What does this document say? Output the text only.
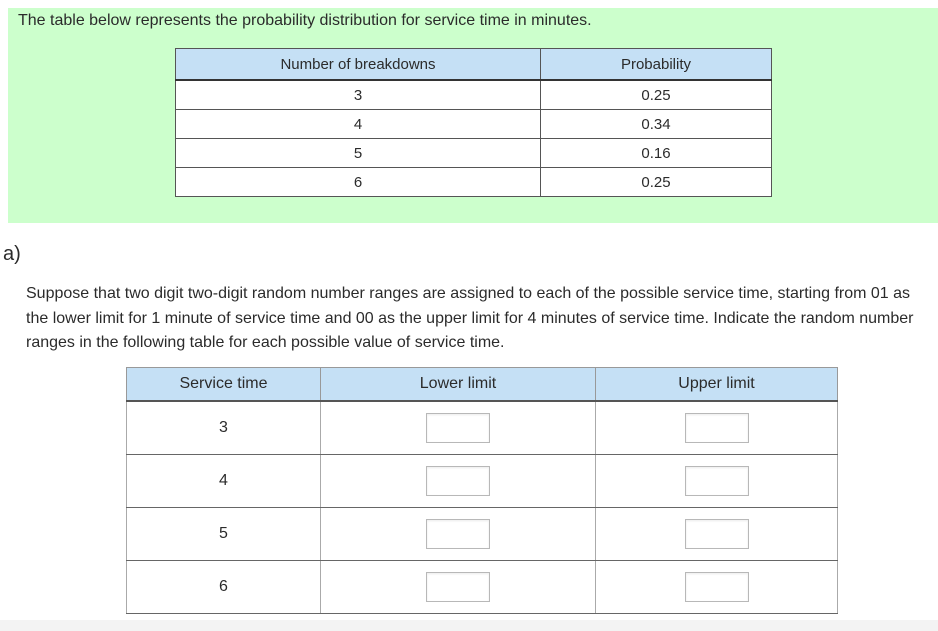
The table below represents the probability distribution for service time in minutes.
Number of breakdowns	Probability
3	0.25
4	0.34
5	0.16
6	0.25
a)
Suppose that two digit two-digit random number ranges are assigned to each of the possible service time, starting from 01 as the lower limit for 1 minute of service time and 00 as the upper limit for 4 minutes of service time. Indicate the random number ranges in the following table for each possible value of service time.
Service time	Lower limit	Upper limit
3		
4		
5		
6		
